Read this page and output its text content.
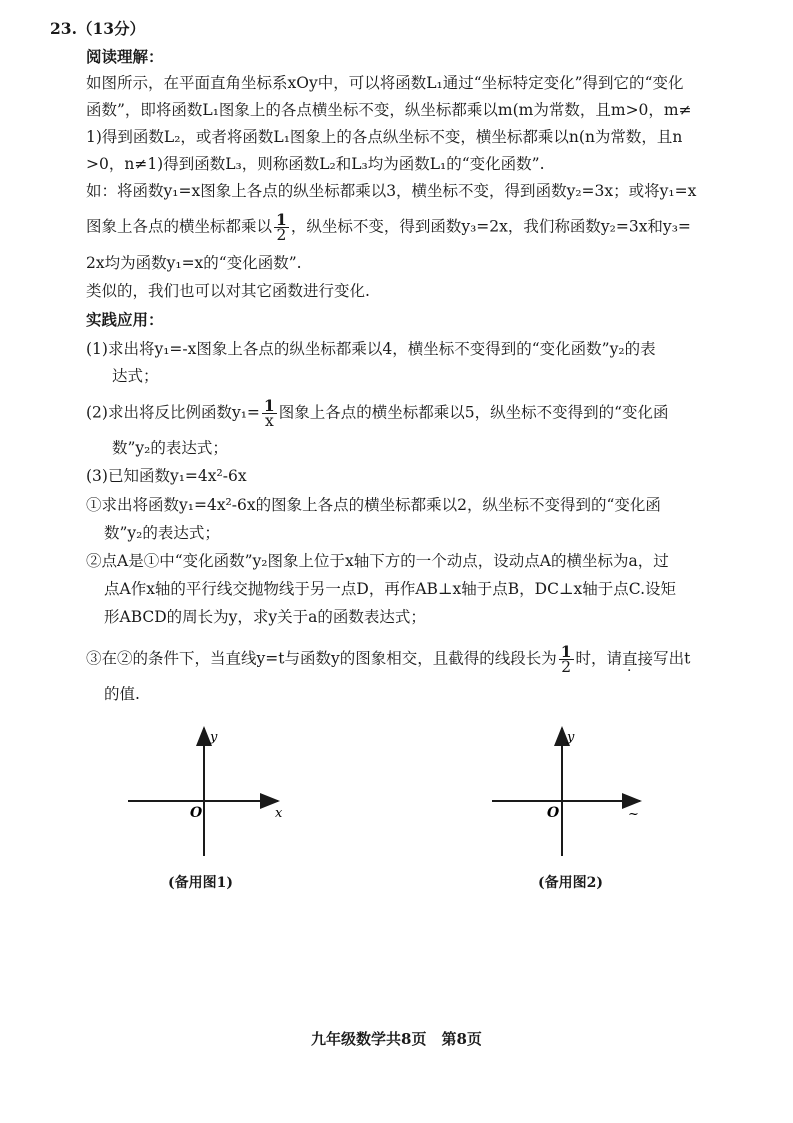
23.（13分）
阅读理解：
如图所示，在平面直角坐标系xOy中，可以将函数L₁通过“坐标特定变化”得到它的“变化
函数”，即将函数L₁图象上的各点横坐标不变，纵坐标都乘以m(m为常数，且m>0，m≠
1)得到函数L₂，或者将函数L₁图象上的各点纵坐标不变，横坐标都乘以n(n为常数，且n
>0，n≠1)得到函数L₃，则称函数L₂和L₃均为函数L₁的“变化函数”.
如：将函数y₁=x图象上各点的纵坐标都乘以3，横坐标不变，得到函数y₂=3x；或将y₁=x
图象上各点的横坐标都乘以 $\frac{1}{2}$ ，纵坐标不变，得到函数y₃=2x，我们称函数y₂=3x和y₃=
2x均为函数y₁=x的“变化函数”.
类似的，我们也可以对其它函数进行变化.
实践应用：
(1)求出将y₁=-x图象上各点的纵坐标都乘以4，横坐标不变得到的“变化函数”y₂的表
达式；
(2)求出将反比例函数$y_1= \frac{1}{x}$ 图象上各点的横坐标都乘以5，纵坐标不变得到的“变化函
数”y₂的表达式；
(3)已知函数y₁=4x²-6x
①求出将函数y₁=4x²-6x的图象上各点的横坐标都乘以2，纵坐标不变得到的“变化函
数”y₂的表达式；
②点A是①中“变化函数”y₂图象上位于x轴下方的一个动点，设动点A的横坐标为a，过
点A作x轴的平行线交抛物线于另一点D，再作AB⊥x轴于点B，DC⊥x轴于点C.设矩
形ABCD的周长为y，求y关于a的函数表达式；
③在②的条件下，当直线y=t与函数y的图象相交，且截得的线段长为 $\frac{1}{2}$ 时，请直接写出t
的值.
y
x
O
(备用图1)
y
~
O
(备用图2)
九年级数学共8页　第8页
